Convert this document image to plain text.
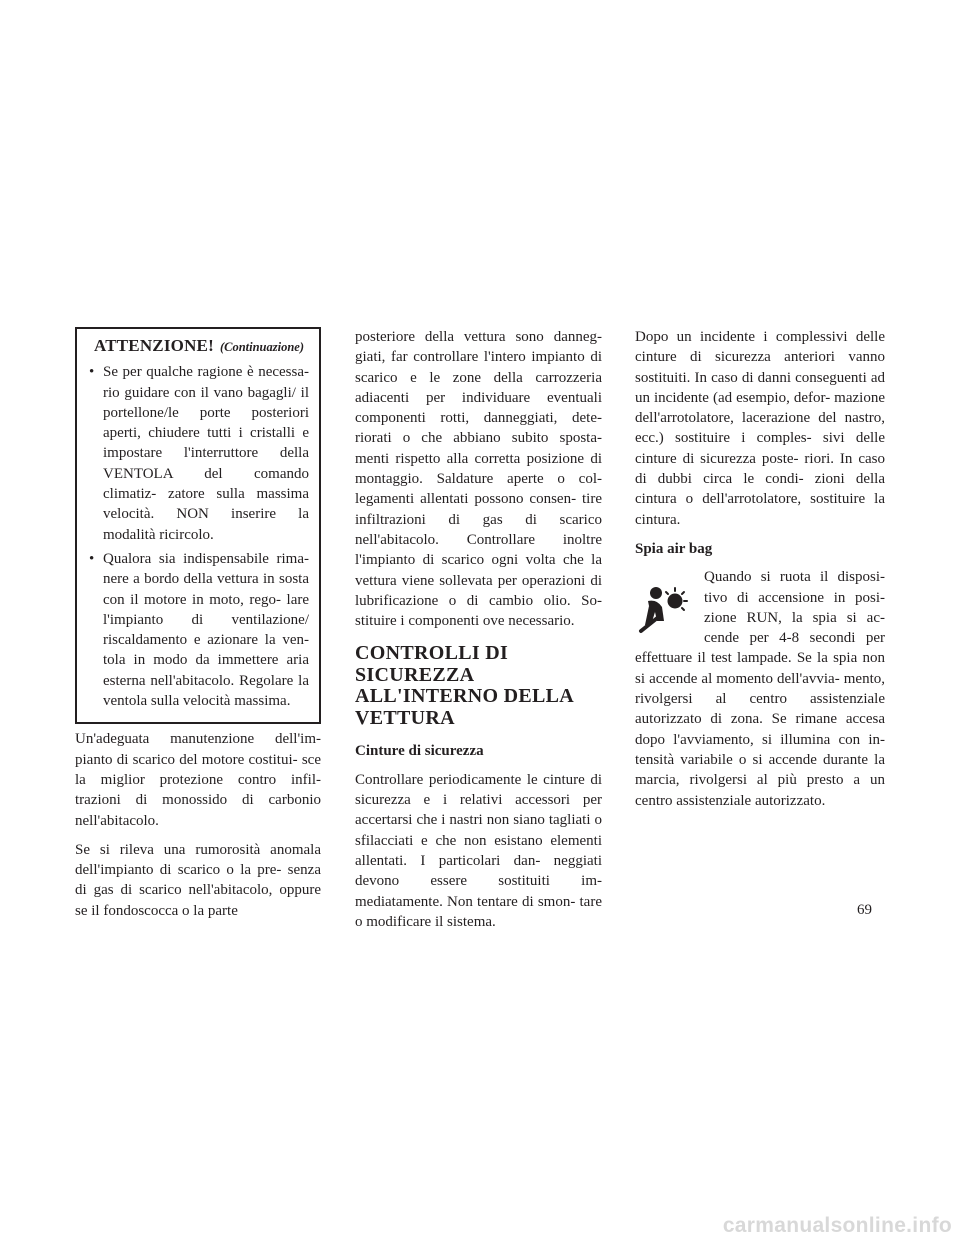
ATTENZIONE! (Continuazione)
• Se per qualche ragione è necessa- rio guidare con il vano bagagli/ il portellone/le porte posteriori aperti, chiudere tutti i cristalli e impostare l'interruttore della VENTOLA del comando climatiz- zatore sulla massima velocità. NON inserire la modalità ricircolo.
• Qualora sia indispensabile rima- nere a bordo della vettura in sosta con il motore in moto, rego- lare l'impianto di ventilazione/ riscaldamento e azionare la ven- tola in modo da immettere aria esterna nell'abitacolo. Regolare la ventola sulla velocità massima.

Un'adeguata manutenzione dell'im- pianto di scarico del motore costitui- sce la miglior protezione contro infil- trazioni di monossido di carbonio nell'abitacolo.

Se si rileva una rumorosità anomala dell'impianto di scarico o la pre- senza di gas di scarico nell'abitacolo, oppure se il fondoscocca o la parte

posteriore della vettura sono danneg- giati, far controllare l'intero impianto di scarico e le zone della carrozzeria adiacenti per individuare eventuali componenti rotti, danneggiati, dete- riorati o che abbiano subito sposta- menti rispetto alla corretta posizione di montaggio. Saldature aperte o col- legamenti allentati possono consen- tire infiltrazioni di gas di scarico nell'abitacolo. Controllare inoltre l'impianto di scarico ogni volta che la vettura viene sollevata per operazioni di lubrificazione o di cambio olio. So- stituire i componenti ove necessario.

CONTROLLI DI SICUREZZA ALL'INTERNO DELLA VETTURA
Cinture di sicurezza

Controllare periodicamente le cinture di sicurezza e i relativi accessori per accertarsi che i nastri non siano tagliati o sfilacciati e che non esistano elementi allentati. I particolari dan- neggiati devono essere sostituiti im- mediatamente. Non tentare di smon- tare o modificare il sistema.

Dopo un incidente i complessivi delle cinture di sicurezza anteriori vanno sostituiti. In caso di danni conseguenti ad un incidente (ad esempio, defor- mazione dell'arrotolatore, lacerazione del nastro, ecc.) sostituire i comples- sivi delle cinture di sicurezza poste- riori. In caso di dubbi circa le condi- zioni della cintura o dell'arrotolatore, sostituire la cintura.

Spia air bag

Quando si ruota il disposi- tivo di accensione in posi- zione RUN, la spia si ac- cende per 4-8 secondi per effettuare il test lampade. Se la spia non si accende al momento dell'avvia- mento, rivolgersi al centro assistenziale autorizzato di zona. Se rimane accesa dopo l'avviamento, si illumina con in- tensità variabile o si accende durante la marcia, rivolgersi al più presto a un centro assistenziale autorizzato.

69
carmanualsonline.info
